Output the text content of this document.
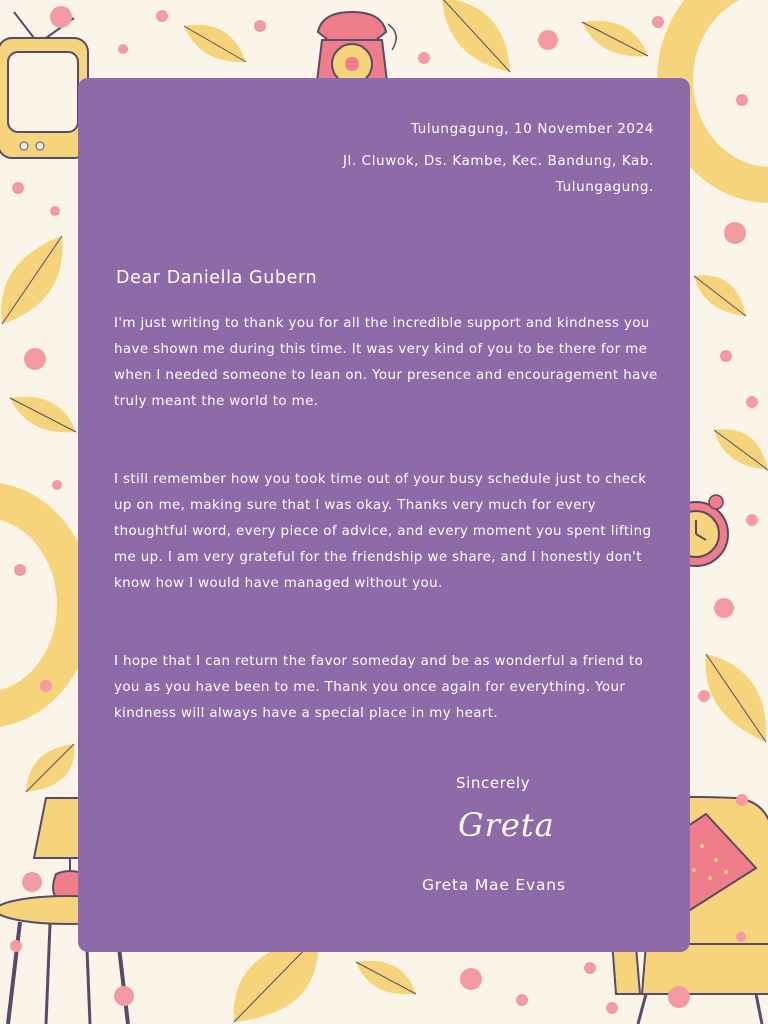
Tulungagung, 10 November 2024
Jl. Cluwok, Ds. Kambe, Kec. Bandung, Kab. Tulungagung.
Dear Daniella Gubern

I'm just writing to thank you for all the incredible support and kindness you have shown me during this time. It was very kind of you to be there for me when I needed someone to lean on. Your presence and encouragement have truly meant the world to me.

I still remember how you took time out of your busy schedule just to check up on me, making sure that I was okay. Thanks very much for every thoughtful word, every piece of advice, and every moment you spent lifting me up. I am very grateful for the friendship we share, and I honestly don't know how I would have managed without you.

I hope that I can return the favor someday and be as wonderful a friend to you as you have been to me. Thank you once again for everything. Your kindness will always have a special place in my heart.

Sincerely
Greta
Greta Mae Evans
